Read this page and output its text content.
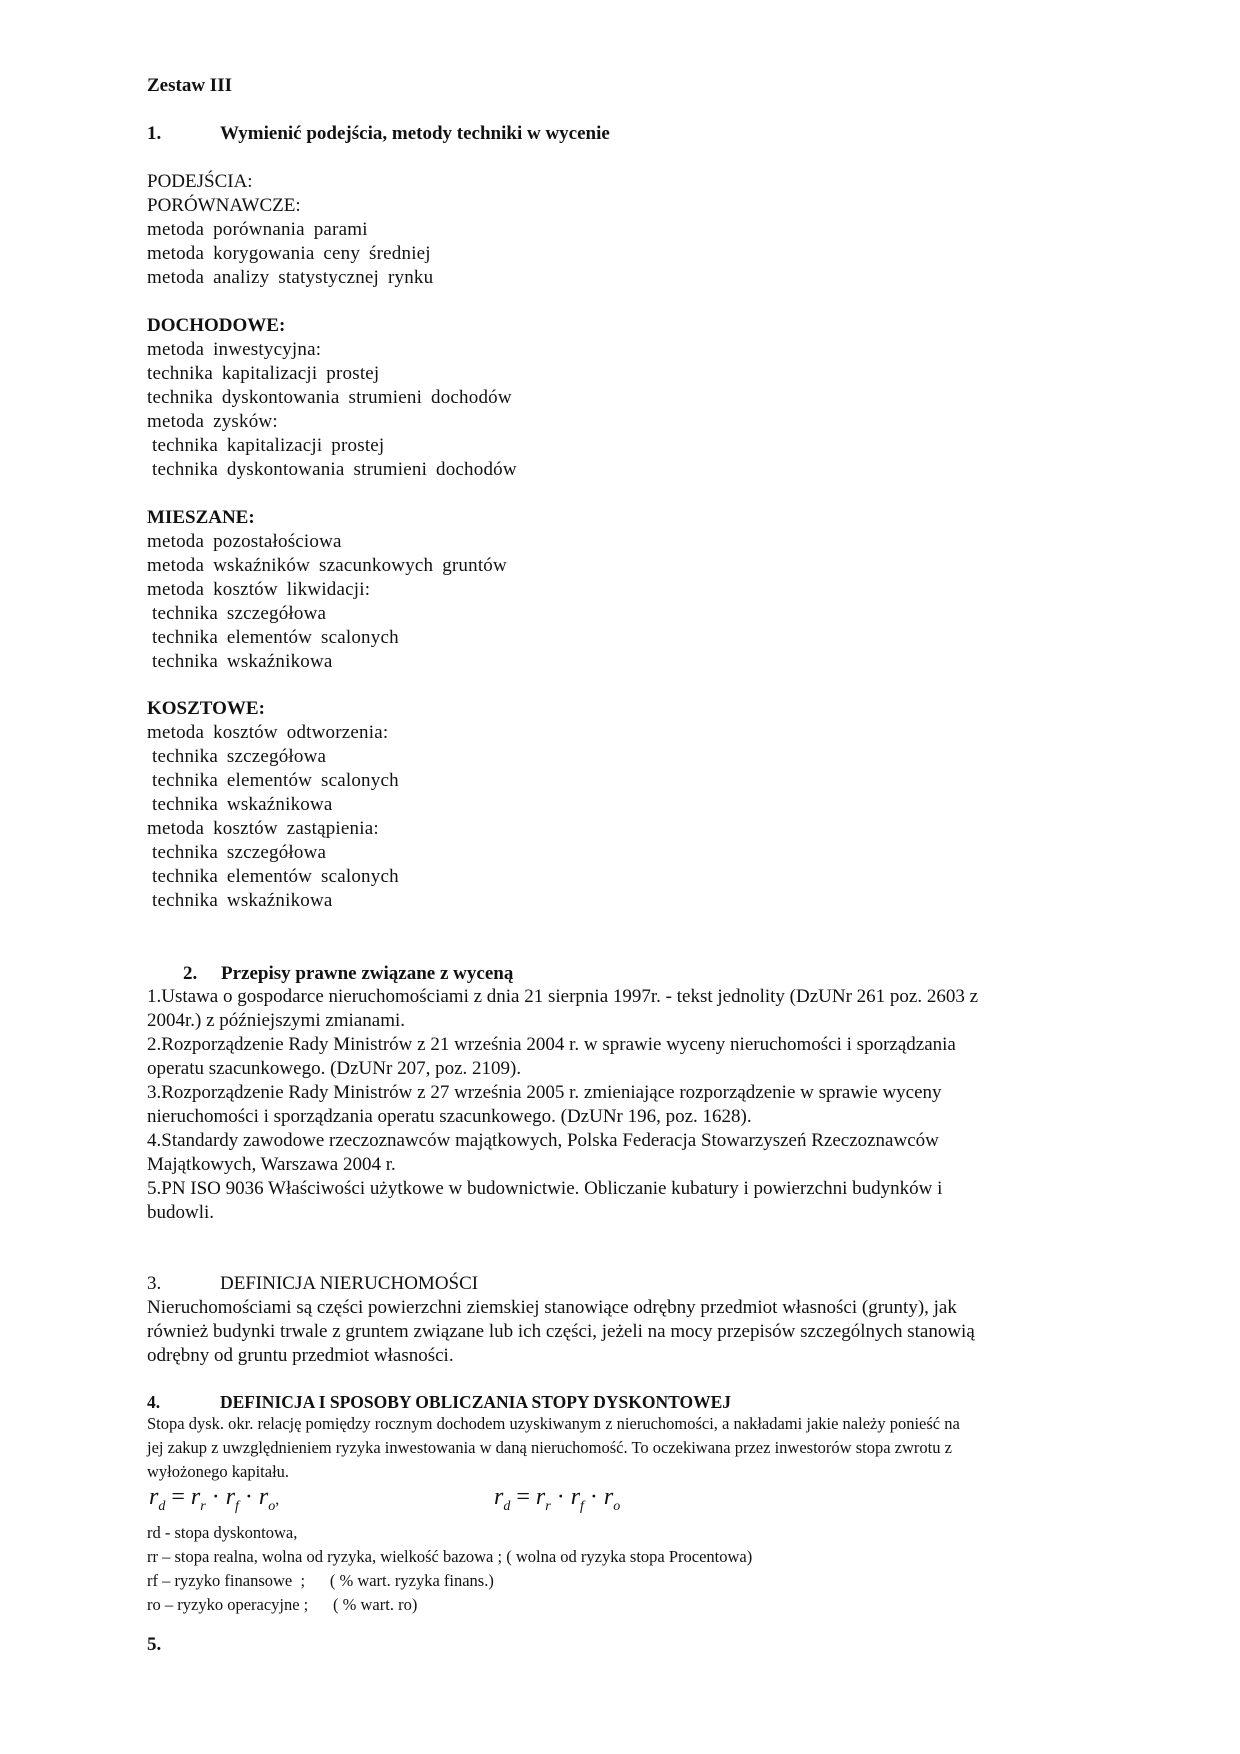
Zestaw III
1.	Wymienić podejścia, metody techniki w wycenie
PODEJŚCIA:
PORÓWNAWCZE:
metoda porównania parami
metoda korygowania ceny średniej
metoda analizy statystycznej rynku
DOCHODOWE:
metoda inwestycyjna:
technika kapitalizacji prostej
technika dyskontowania strumieni dochodów
metoda zysków:
technika kapitalizacji prostej
technika dyskontowania strumieni dochodów
MIESZANE:
metoda pozostałościowa
metoda wskaźników szacunkowych gruntów
metoda kosztów likwidacji:
technika szczegółowa
technika elementów scalonych
technika wskaźnikowa
KOSZTOWE:
metoda kosztów odtworzenia:
technika szczegółowa
technika elementów scalonych
technika wskaźnikowa
metoda kosztów zastąpienia:
technika szczegółowa
technika elementów scalonych
technika wskaźnikowa
2. Przepisy prawne związane z wyceną
1.Ustawa o gospodarce nieruchomościami z dnia 21 sierpnia 1997r. - tekst jednolity (DzUNr 261 poz. 2603 z
2004r.) z późniejszymi zmianami.
2.Rozporządzenie Rady Ministrów z 21 września 2004 r. w sprawie wyceny nieruchomości i sporządzania
operatu szacunkowego. (DzUNr 207, poz. 2109).
3.Rozporządzenie Rady Ministrów z 27 września 2005 r. zmieniające rozporządzenie w sprawie wyceny
nieruchomości i sporządzania operatu szacunkowego. (DzUNr 196, poz. 1628).
4.Standardy zawodowe rzeczoznawców majątkowych, Polska Federacja Stowarzyszeń Rzeczoznawców
Majątkowych, Warszawa 2004 r.
5.PN ISO 9036 Właściwości użytkowe w budownictwie. Obliczanie kubatury i powierzchni budynków i
budowli.
3.	DEFINICJA NIERUCHOMOŚCI
Nieruchomościami są części powierzchni ziemskiej stanowiące odrębny przedmiot własności (grunty), jak
również budynki trwale z gruntem związane lub ich części, jeżeli na mocy przepisów szczególnych stanowią
odrębny od gruntu przedmiot własności.
4.	DEFINICJA I SPOSOBY OBLICZANIA STOPY DYSKONTOWEJ
Stopa dysk. okr. relację pomiędzy rocznym dochodem uzyskiwanym z nieruchomości, a nakładami jakie należy ponieść na
jej zakup z uwzględnieniem ryzyka inwestowania w daną nieruchomość. To oczekiwana przez inwestorów stopa zwrotu z
wyłożonego kapitału.
$r_d = r_r \cdot r_f \cdot r_o$,	$r_d = r_r \cdot r_f \cdot r_o$
rd - stopa dyskontowa,
rr – stopa realna, wolna od ryzyka, wielkość bazowa ; ( wolna od ryzyka stopa Procentowa)
rf – ryzyko finansowe  ;      ( % wart. ryzyka finans.)
ro – ryzyko operacyjne ;      ( % wart. ro)
5.
